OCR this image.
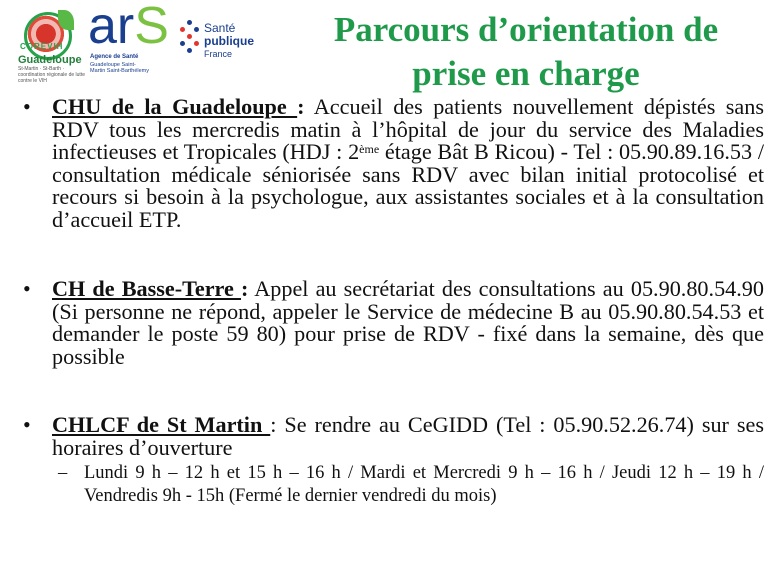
COREVIH
Guadeloupe
St-Martin · St-Barth · coordination régionale de lutte contre le VIH
arS
Agence de Santé
Guadeloupe Saint-Martin Saint-Barthélemy
Santé
publique
France
Parcours d’orientation de
prise en charge
• CHU de la Guadeloupe : Accueil des patients nouvellement dépistés sans RDV tous les mercredis matin à l’hôpital de jour du service des Maladies infectieuses et Tropicales (HDJ : 2ème étage Bât B Ricou) - Tel : 05.90.89.16.53 / consultation médicale séniorisée sans RDV avec bilan initial protocolisé et recours si besoin à la psychologue, aux assistantes sociales et à la consultation d’accueil ETP.
• CH de Basse-Terre : Appel au secrétariat des consultations au 05.90.80.54.90 (Si personne ne répond, appeler le Service de médecine B au 05.90.80.54.53 et demander le poste 59 80) pour prise de RDV - fixé dans la semaine, dès que possible
• CHLCF de St Martin : Se rendre au CeGIDD (Tel : 05.90.52.26.74) sur ses horaires d’ouverture
– Lundi 9 h – 12 h et 15 h – 16 h / Mardi et Mercredi 9 h – 16 h / Jeudi 12 h – 19 h / Vendredis 9h - 15h (Fermé le dernier vendredi du mois)
